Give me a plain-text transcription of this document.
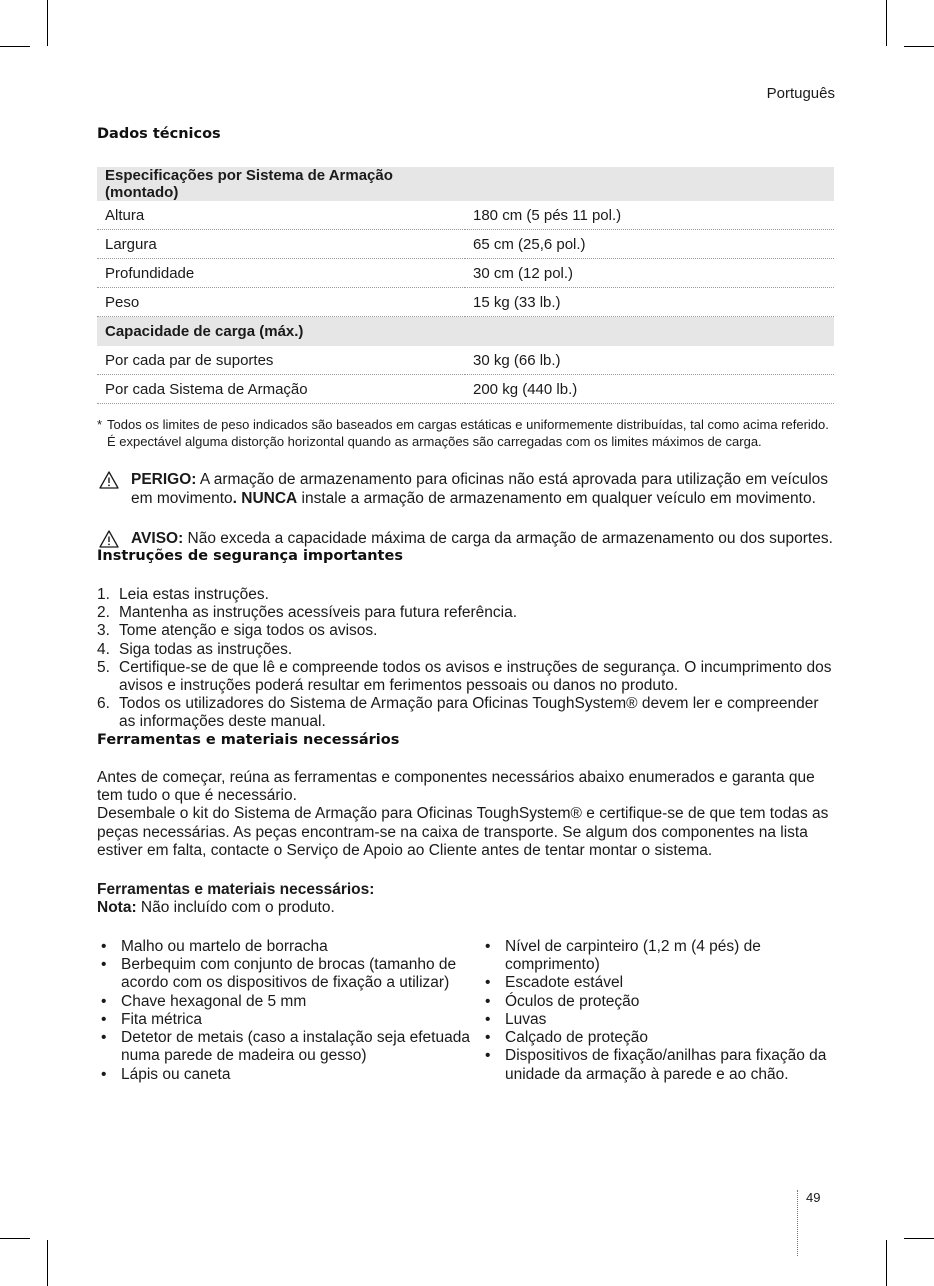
Português
Dados técnicos
Especificações por Sistema de Armação (montado)	
Altura	180 cm (5 pés 11 pol.)
Largura	65 cm (25,6 pol.)
Profundidade	30 cm (12 pol.)
Peso	15 kg (33 lb.)
Capacidade de carga (máx.)	
Por cada par de suportes	30 kg (66 lb.)
Por cada Sistema de Armação	200 kg (440 lb.)
* Todos os limites de peso indicados são baseados em cargas estáticas e uniformemente distribuídas, tal como acima referido. É expectável alguma distorção horizontal quando as armações são carregadas com os limites máximos de carga.
PERIGO: A armação de armazenamento para oficinas não está aprovada para utilização em veículos em movimento. NUNCA instale a armação de armazenamento em qualquer veículo em movimento.
AVISO: Não exceda a capacidade máxima de carga da armação de armazenamento ou dos suportes.
Instruções de segurança importantes
1. Leia estas instruções.
2. Mantenha as instruções acessíveis para futura referência.
3. Tome atenção e siga todos os avisos.
4. Siga todas as instruções.
5. Certifique-se de que lê e compreende todos os avisos e instruções de segurança. O incumprimento dos avisos e instruções poderá resultar em ferimentos pessoais ou danos no produto.
6. Todos os utilizadores do Sistema de Armação para Oficinas ToughSystem® devem ler e compreender as informações deste manual.
Ferramentas e materiais necessários
Antes de começar, reúna as ferramentas e componentes necessários abaixo enumerados e garanta que tem tudo o que é necessário.
Desembale o kit do Sistema de Armação para Oficinas ToughSystem® e certifique-se de que tem todas as peças necessárias. As peças encontram-se na caixa de transporte. Se algum dos componentes na lista estiver em falta, contacte o Serviço de Apoio ao Cliente antes de tentar montar o sistema.
Ferramentas e materiais necessários:
Nota: Não incluído com o produto.
• Malho ou martelo de borracha
• Berbequim com conjunto de brocas (tamanho de acordo com os dispositivos de fixação a utilizar)
• Chave hexagonal de 5 mm
• Fita métrica
• Detetor de metais (caso a instalação seja efetuada numa parede de madeira ou gesso)
• Lápis ou caneta
• Nível de carpinteiro (1,2 m (4 pés) de comprimento)
• Escadote estável
• Óculos de proteção
• Luvas
• Calçado de proteção
• Dispositivos de fixação/anilhas para fixação da unidade da armação à parede e ao chão.
49
